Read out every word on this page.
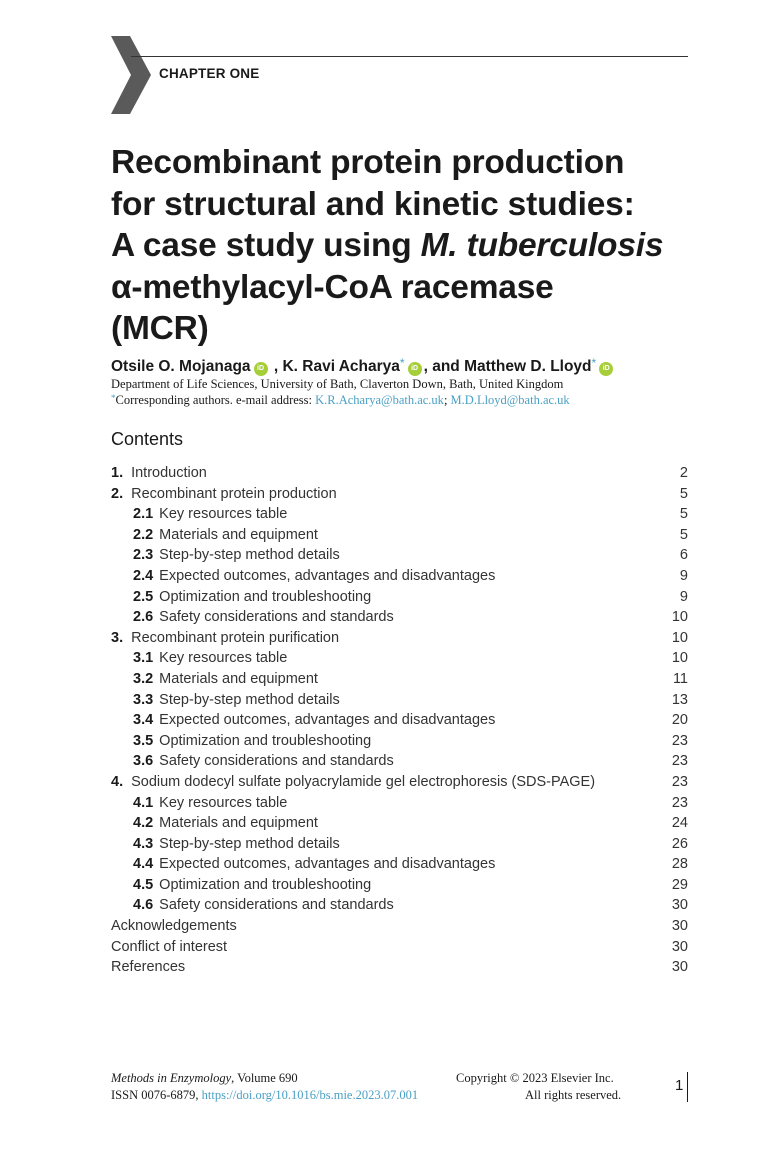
CHAPTER ONE
Recombinant protein production
for structural and kinetic studies:
A case study using M. tuberculosis
α-methylacyl-CoA racemase
(MCR)
Otsile O. Mojanaga iD , K. Ravi Acharya* iD , and Matthew D. Lloyd* iD
Department of Life Sciences, University of Bath, Claverton Down, Bath, United Kingdom
*Corresponding authors. e-mail address: K.R.Acharya@bath.ac.uk; M.D.Lloyd@bath.ac.uk
Contents
1. Introduction	2
2. Recombinant protein production	5
2.1 Key resources table	5
2.2 Materials and equipment	5
2.3 Step-by-step method details	6
2.4 Expected outcomes, advantages and disadvantages	9
2.5 Optimization and troubleshooting	9
2.6 Safety considerations and standards	10
3. Recombinant protein purification	10
3.1 Key resources table	10
3.2 Materials and equipment	11
3.3 Step-by-step method details	13
3.4 Expected outcomes, advantages and disadvantages	20
3.5 Optimization and troubleshooting	23
3.6 Safety considerations and standards	23
4. Sodium dodecyl sulfate polyacrylamide gel electrophoresis (SDS-PAGE)	23
4.1 Key resources table	23
4.2 Materials and equipment	24
4.3 Step-by-step method details	26
4.4 Expected outcomes, advantages and disadvantages	28
4.5 Optimization and troubleshooting	29
4.6 Safety considerations and standards	30
Acknowledgements	30
Conflict of interest	30
References	30
Methods in Enzymology, Volume 690
ISSN 0076-6879, https://doi.org/10.1016/bs.mie.2023.07.001
Copyright © 2023 Elsevier Inc.
All rights reserved.
1
